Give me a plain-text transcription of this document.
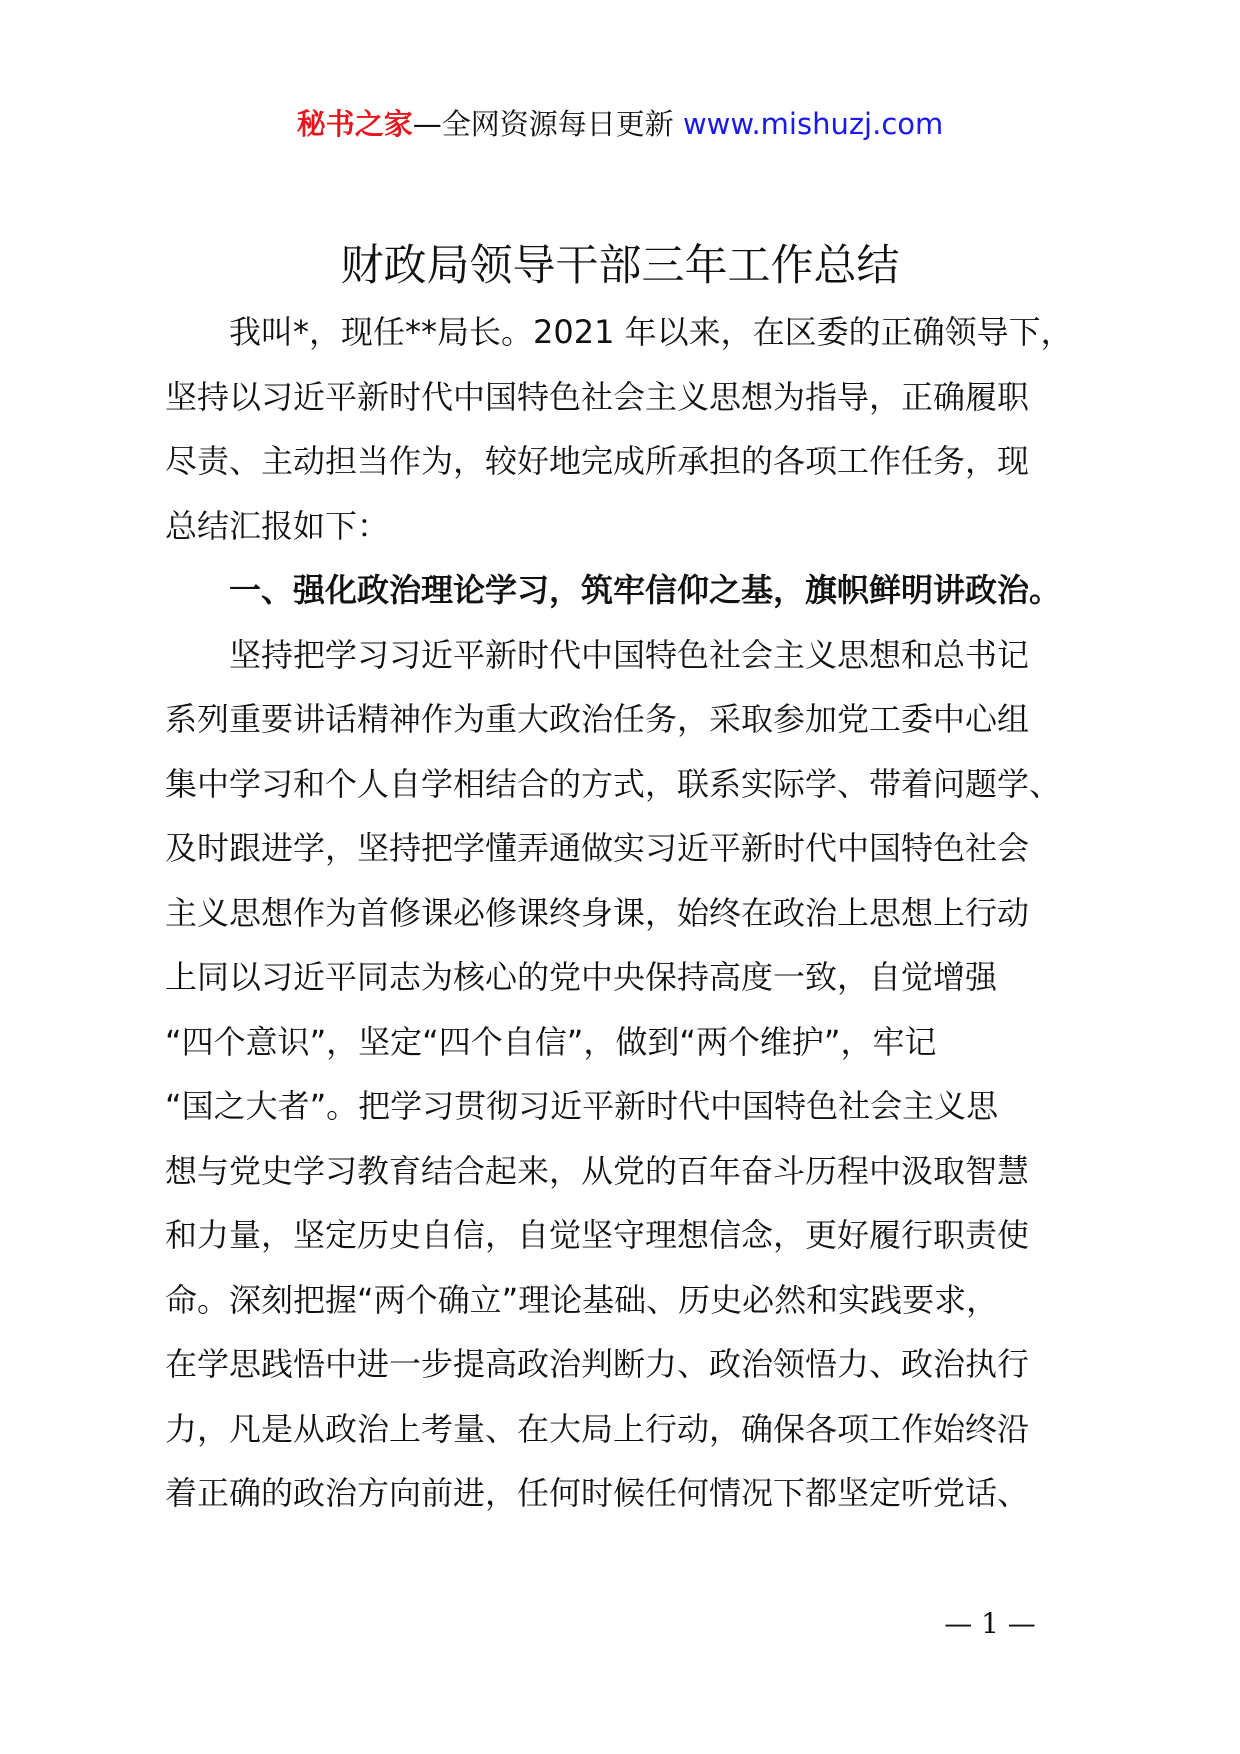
秘书之家—全网资源每日更新 www.mishuzj.com
财政局领导干部三年工作总结
我叫*，现任**局长。2021 年以来，在区委的正确领导下，
坚持以习近平新时代中国特色社会主义思想为指导，正确履职
尽责、主动担当作为，较好地完成所承担的各项工作任务，现
总结汇报如下：
一、强化政治理论学习，筑牢信仰之基，旗帜鲜明讲政治。
坚持把学习习近平新时代中国特色社会主义思想和总书记
系列重要讲话精神作为重大政治任务，采取参加党工委中心组
集中学习和个人自学相结合的方式，联系实际学、带着问题学、
及时跟进学，坚持把学懂弄通做实习近平新时代中国特色社会
主义思想作为首修课必修课终身课，始终在政治上思想上行动
上同以习近平同志为核心的党中央保持高度一致，自觉增强
“四个意识”，坚定“四个自信”，做到“两个维护”，牢记
“国之大者”。把学习贯彻习近平新时代中国特色社会主义思
想与党史学习教育结合起来，从党的百年奋斗历程中汲取智慧
和力量，坚定历史自信，自觉坚守理想信念，更好履行职责使
命。深刻把握“两个确立”理论基础、历史必然和实践要求，
在学思践悟中进一步提高政治判断力、政治领悟力、政治执行
力，凡是从政治上考量、在大局上行动，确保各项工作始终沿
着正确的政治方向前进，任何时候任何情况下都坚定听党话、
— 1 —
